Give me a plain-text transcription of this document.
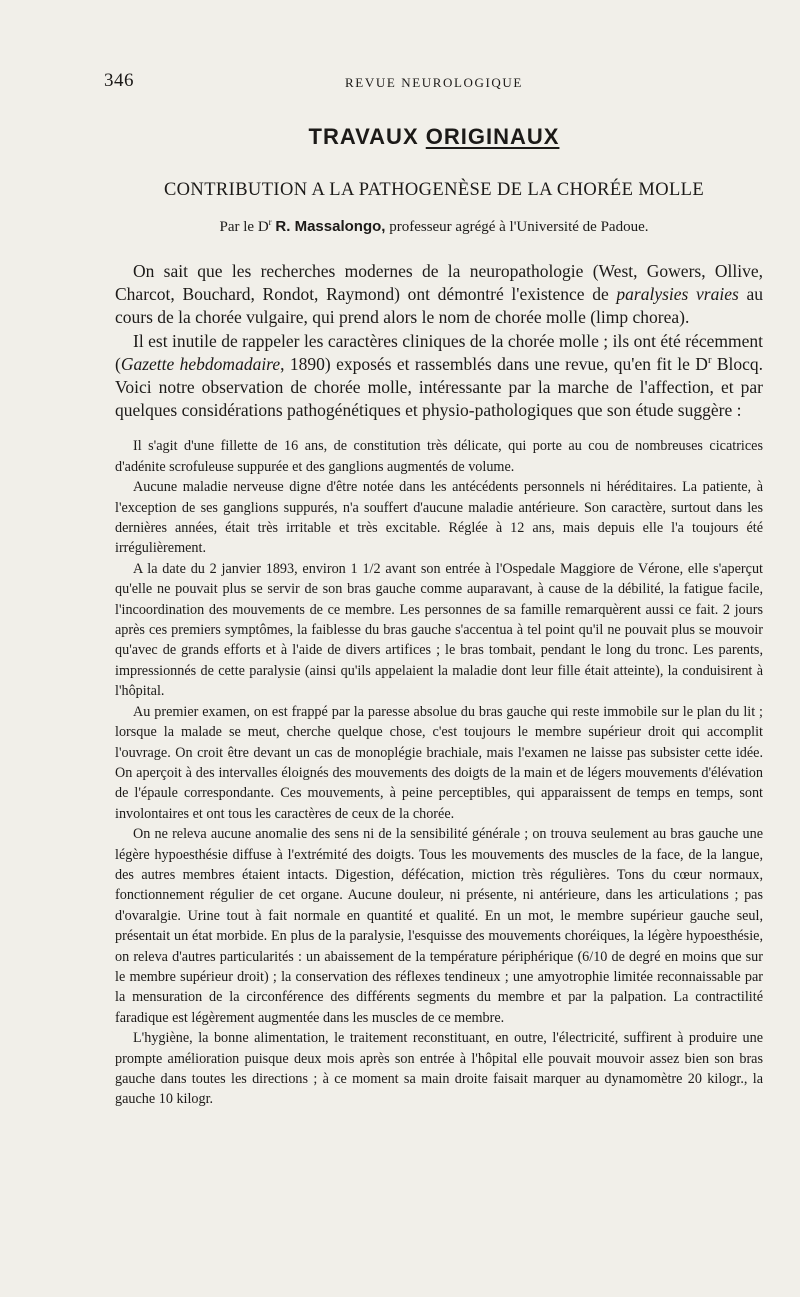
346	REVUE NEUROLOGIQUE
TRAVAUX ORIGINAUX
CONTRIBUTION A LA PATHOGENÈSE DE LA CHORÉE MOLLE
Par le $D^r$ R. Massalongo, professeur agrégé à l'Université de Padoue.

On sait que les recherches modernes de la neuropathologie (West, Gowers, Ollive, Charcot, Bouchard, Rondot, Raymond) ont démontré l'existence de paralysies vraies au cours de la chorée vulgaire, qui prend alors le nom de chorée molle (limp chorea).

Il est inutile de rappeler les caractères cliniques de la chorée molle ; ils ont été récemment (Gazette hebdomadaire, 1890) exposés et rassemblés dans une revue, qu'en fit le $D^r$ Blocq. Voici notre observation de chorée molle, intéressante par la marche de l'affection, et par quelques considérations pathogénétiques et physio-pathologiques que son étude suggère :

Il s'agit d'une fillette de 16 ans, de constitution très délicate, qui porte au cou de nombreuses cicatrices d'adénite scrofuleuse suppurée et des ganglions augmentés de volume.

Aucune maladie nerveuse digne d'être notée dans les antécédents personnels ni héréditaires. La patiente, à l'exception de ses ganglions suppurés, n'a souffert d'aucune maladie antérieure. Son caractère, surtout dans les dernières années, était très irritable et très excitable. Réglée à 12 ans, mais depuis elle l'a toujours été irrégulièrement.

A la date du 2 janvier 1893, environ 1 1/2 avant son entrée à l'Ospedale Maggiore de Vérone, elle s'aperçut qu'elle ne pouvait plus se servir de son bras gauche comme auparavant, à cause de la débilité, la fatigue facile, l'incoordination des mouvements de ce membre. Les personnes de sa famille remarquèrent aussi ce fait. 2 jours après ces premiers symptômes, la faiblesse du bras gauche s'accentua à tel point qu'il ne pouvait plus se mouvoir qu'avec de grands efforts et à l'aide de divers artifices ; le bras tombait, pendant le long du tronc. Les parents, impressionnés de cette paralysie (ainsi qu'ils appelaient la maladie dont leur fille était atteinte), la conduisirent à l'hôpital.

Au premier examen, on est frappé par la paresse absolue du bras gauche qui reste immobile sur le plan du lit ; lorsque la malade se meut, cherche quelque chose, c'est toujours le membre supérieur droit qui accomplit l'ouvrage. On croit être devant un cas de monoplégie brachiale, mais l'examen ne laisse pas subsister cette idée. On aperçoit à des intervalles éloignés des mouvements des doigts de la main et de légers mouvements d'élévation de l'épaule correspondante. Ces mouvements, à peine perceptibles, qui apparaissent de temps en temps, sont involontaires et ont tous les caractères de ceux de la chorée.

On ne releva aucune anomalie des sens ni de la sensibilité générale ; on trouva seulement au bras gauche une légère hypoesthésie diffuse à l'extrémité des doigts. Tous les mouvements des muscles de la face, de la langue, des autres membres étaient intacts. Digestion, défécation, miction très régulières. Tons du cœur normaux, fonctionnement régulier de cet organe. Aucune douleur, ni présente, ni antérieure, dans les articulations ; pas d'ovaralgie. Urine tout à fait normale en quantité et qualité. En un mot, le membre supérieur gauche seul, présentait un état morbide. En plus de la paralysie, l'esquisse des mouvements choréiques, la légère hypoesthésie, on releva d'autres particularités : un abaissement de la température périphérique (6/10 de degré en moins que sur le membre supérieur droit) ; la conservation des réflexes tendineux ; une amyotrophie limitée reconnaissable par la mensuration de la circonférence des différents segments du membre et par la palpation. La contractilité faradique est légèrement augmentée dans les muscles de ce membre.

L'hygiène, la bonne alimentation, le traitement reconstituant, en outre, l'électricité, suffirent à produire une prompte amélioration puisque deux mois après son entrée à l'hôpital elle pouvait mouvoir assez bien son bras gauche dans toutes les directions ; à ce moment sa main droite faisait marquer au dynamomètre 20 kilogr., la gauche 10 kilogr.
